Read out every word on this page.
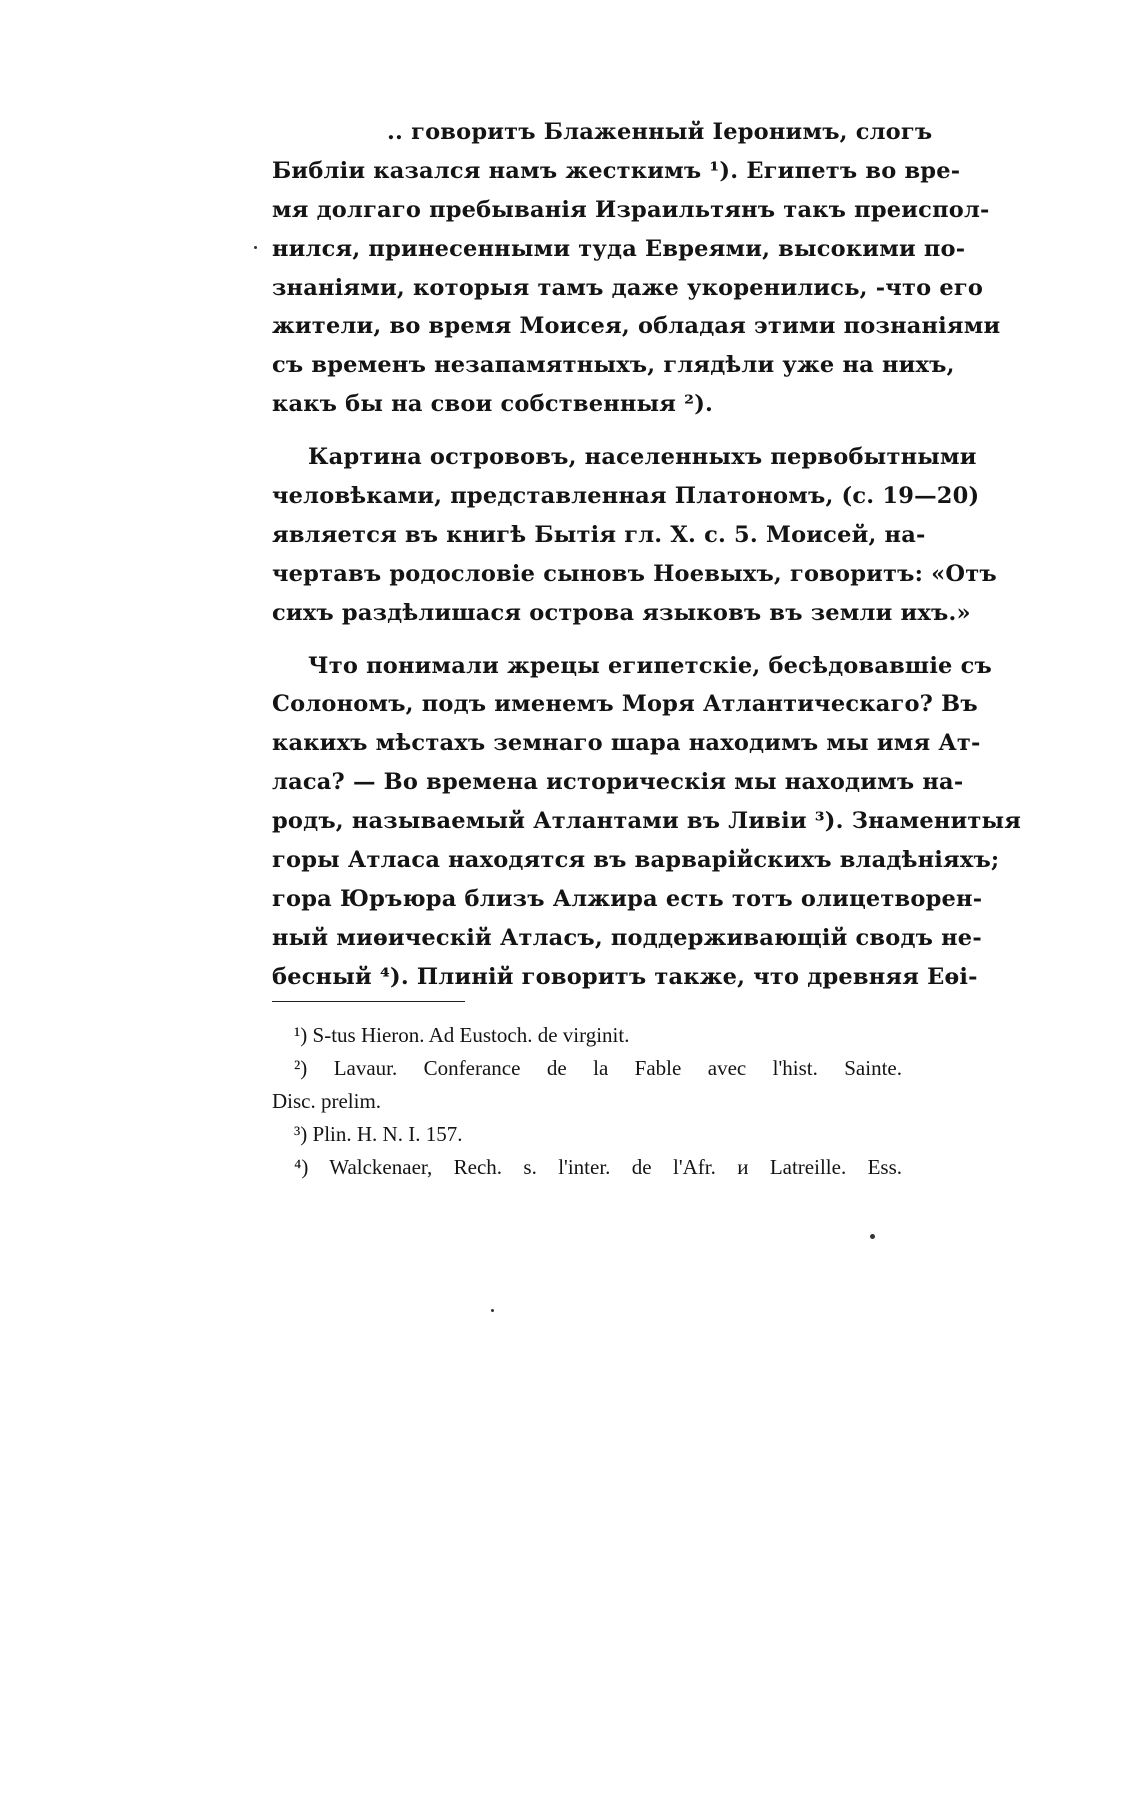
.. говоритъ Блаженный Іеронимъ, слогъ
Библіи казался намъ жесткимъ ¹). Египетъ во вре-
мя долгаго пребыванія Израильтянъ такъ преиспол-
нился, принесенными туда Евреями, высокими по-
знаніями, которыя тамъ даже укоренились, -что его
жители, во время Моисея, обладая этими познаніями
съ временъ незапамятныхъ, глядѣли уже на нихъ,
какъ бы на свои собственныя ²).
Картина острововъ, населенныхъ первобытными
человѣками, представленная Платономъ, (с. 19—20)
является въ книгѣ Бытія гл. X. с. 5. Моисей, на-
чертавъ родословіе сыновъ Ноевыхъ, говоритъ: «Отъ
сихъ раздѣлишася острова языковъ въ земли ихъ.»
Что понимали жрецы египетскіе, бесѣдовавшіе съ
Солономъ, подъ именемъ Моря Атлантическаго? Въ
какихъ мѣстахъ земнаго шара находимъ мы имя Ат-
ласа? — Во времена историческія мы находимъ на-
родъ, называемый Атлантами въ Ливіи ³). Знаменитыя
горы Атласа находятся въ варварійскихъ владѣніяхъ;
гора Юръюра близъ Алжира есть тотъ олицетворен-
ный миѳическій Атласъ, поддерживающій сводъ не-
бесный ⁴). Плиній говоритъ также, что древняя Еѳі-
¹) S-tus Hieron. Ad Eustoch. de virginit.
²) Lavaur. Conferance de la Fable avec l'hist. Sainte.
Disc. prelim.
³) Plin. H. N. I. 157.
⁴) Walckenaer, Rech. s. l'inter. de l'Afr. и Latreille. Ess.
